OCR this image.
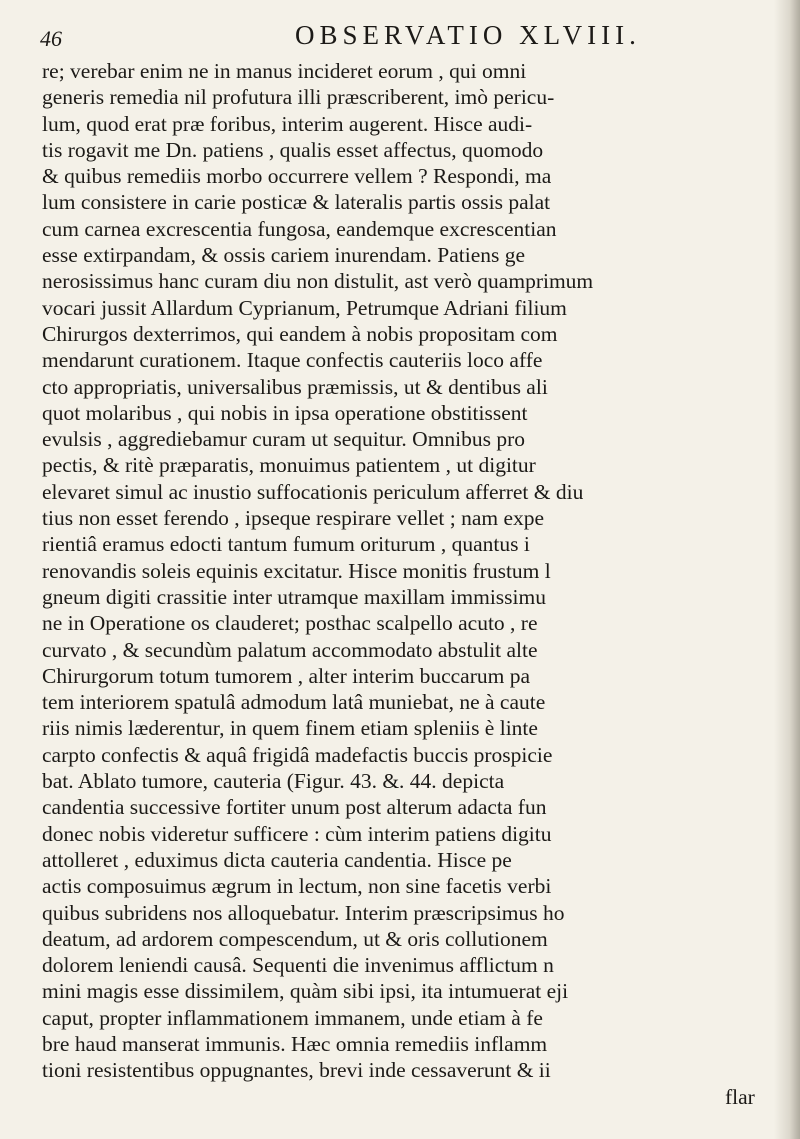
46	OBSERVATIO XLVIII.
re; verebar enim ne in manus incideret eorum , qui omni
generis remedia nil profutura illi præscriberent, imò pericu-
lum, quod erat præ foribus, interim augerent. Hisce audi-
tis rogavit me Dn. patiens , qualis esset affectus, quomodo
& quibus remediis morbo occurrere vellem ? Respondi, ma
lum consistere in carie posticæ & lateralis partis ossis palat
cum carnea excrescentia fungosa, eandemque excrescentian
esse extirpandam, & ossis cariem inurendam. Patiens ge
nerosissimus hanc curam diu non distulit, ast verò quamprimum
vocari jussit Allardum Cyprianum, Petrumque Adriani filium
Chirurgos dexterrimos, qui eandem à nobis propositam com
mendarunt curationem. Itaque confectis cauteriis loco affe
cto appropriatis, universalibus præmissis, ut & dentibus ali
quot molaribus , qui nobis in ipsa operatione obstitissent
evulsis , aggrediebamur curam ut sequitur. Omnibus pro
pectis, & ritè præparatis, monuimus patientem , ut digitur
elevaret simul ac inustio suffocationis periculum afferret & diu
tius non esset ferendo , ipseque respirare vellet ; nam expe
rientiâ eramus edocti tantum fumum oriturum , quantus i
renovandis soleis equinis excitatur. Hisce monitis frustum l
gneum digiti crassitie inter utramque maxillam immissimu
ne in Operatione os clauderet; posthac scalpello acuto , re
curvato , & secundùm palatum accommodato abstulit alte
Chirurgorum totum tumorem , alter interim buccarum pa
tem interiorem spatulâ admodum latâ muniebat, ne à caute
riis nimis læderentur, in quem finem etiam spleniis è linte
carpto confectis & aquâ frigidâ madefactis buccis prospicie
bat. Ablato tumore, cauteria (Figur. 43. &. 44. depicta
candentia successive fortiter unum post alterum adacta fun
donec nobis videretur sufficere : cùm interim patiens digitu
attolleret , eduximus dicta cauteria candentia. Hisce pe
actis composuimus ægrum in lectum, non sine facetis verbi
quibus subridens nos alloquebatur. Interim præscripsimus ho
deatum, ad ardorem compescendum, ut & oris collutionem
dolorem leniendi causâ. Sequenti die invenimus afflictum n
mini magis esse dissimilem, quàm sibi ipsi, ita intumuerat eji
caput, propter inflammationem immanem, unde etiam à fe
bre haud manserat immunis. Hæc omnia remediis inflamm
tioni resistentibus oppugnantes, brevi inde cessaverunt & ii
flar
